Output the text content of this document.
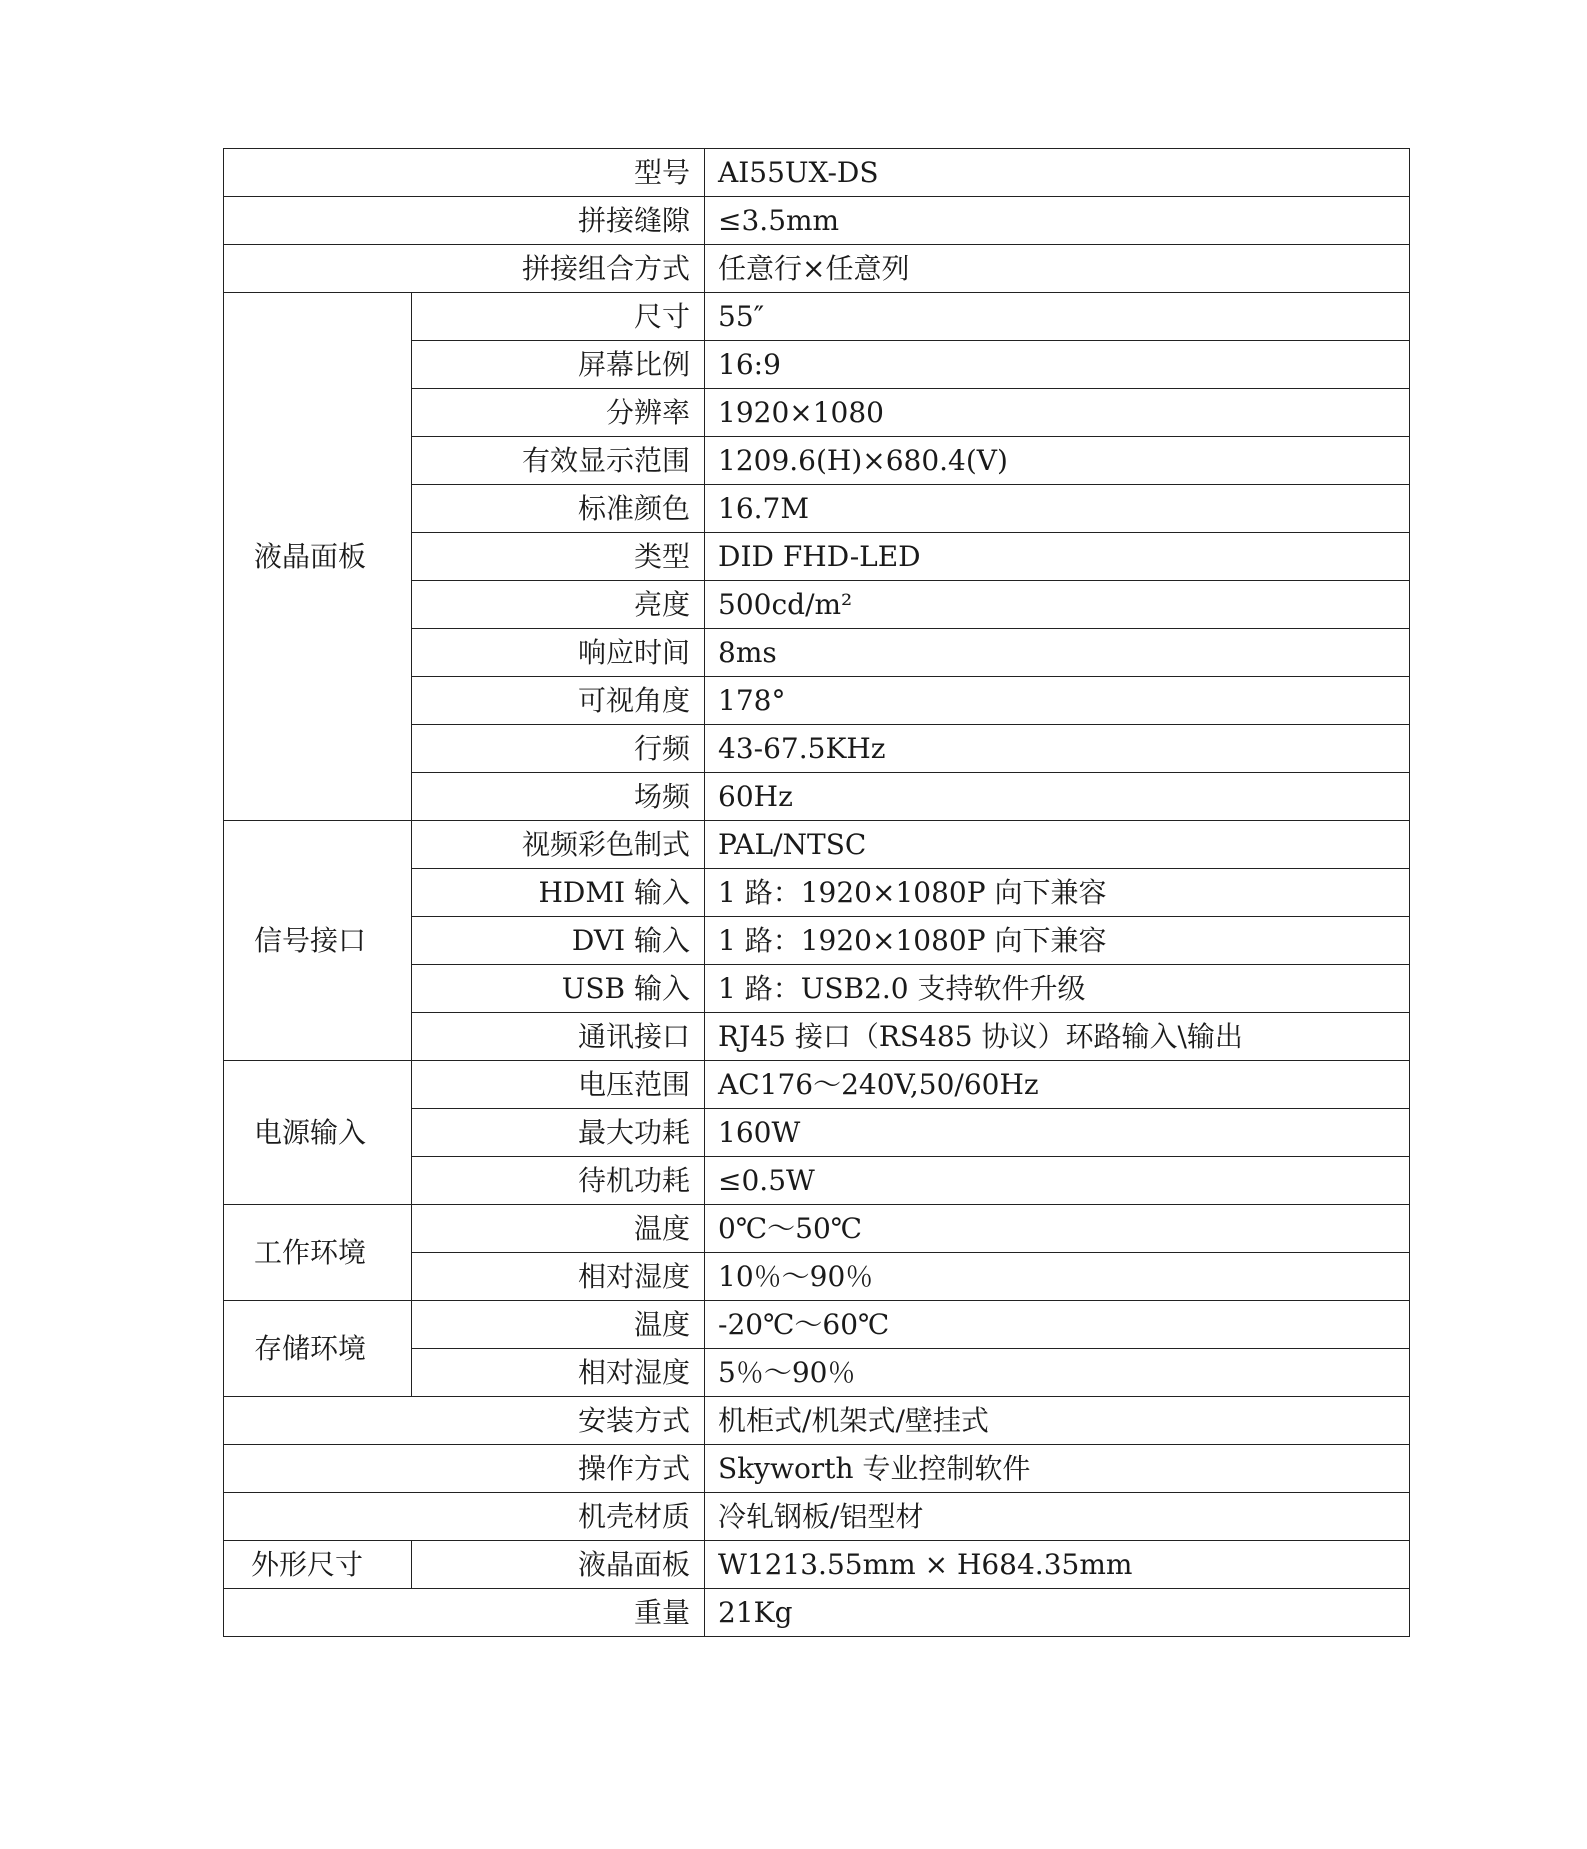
型号		AI55UX-DS
拼接缝隙		≤3.5mm
拼接组合方式		任意行×任意列
液晶面板	尺寸	55″
	屏幕比例	16:9
	分辨率	1920×1080
	有效显示范围	1209.6(H)×680.4(V)
	标准颜色	16.7M
	类型	DID FHD-LED
	亮度	500cd/m²
	响应时间	8ms
	可视角度	178°
	行频	43-67.5KHz
	场频	60Hz
信号接口	视频彩色制式	PAL/NTSC
	HDMI 输入	1 路：1920×1080P 向下兼容
	DVI 输入	1 路：1920×1080P 向下兼容
	USB 输入	1 路：USB2.0 支持软件升级
	通讯接口	RJ45 接口（RS485 协议）环路输入\输出
电源输入	电压范围	AC176～240V,50/60Hz
	最大功耗	160W
	待机功耗	≤0.5W
工作环境	温度	0℃～50℃
	相对湿度	10％～90％
存储环境	温度	-20℃～60℃
	相对湿度	5％～90％
安装方式		机柜式/机架式/壁挂式
操作方式		Skyworth 专业控制软件
机壳材质		冷轧钢板/铝型材
外形尺寸	液晶面板	W1213.55mm × H684.35mm
重量		21Kg
